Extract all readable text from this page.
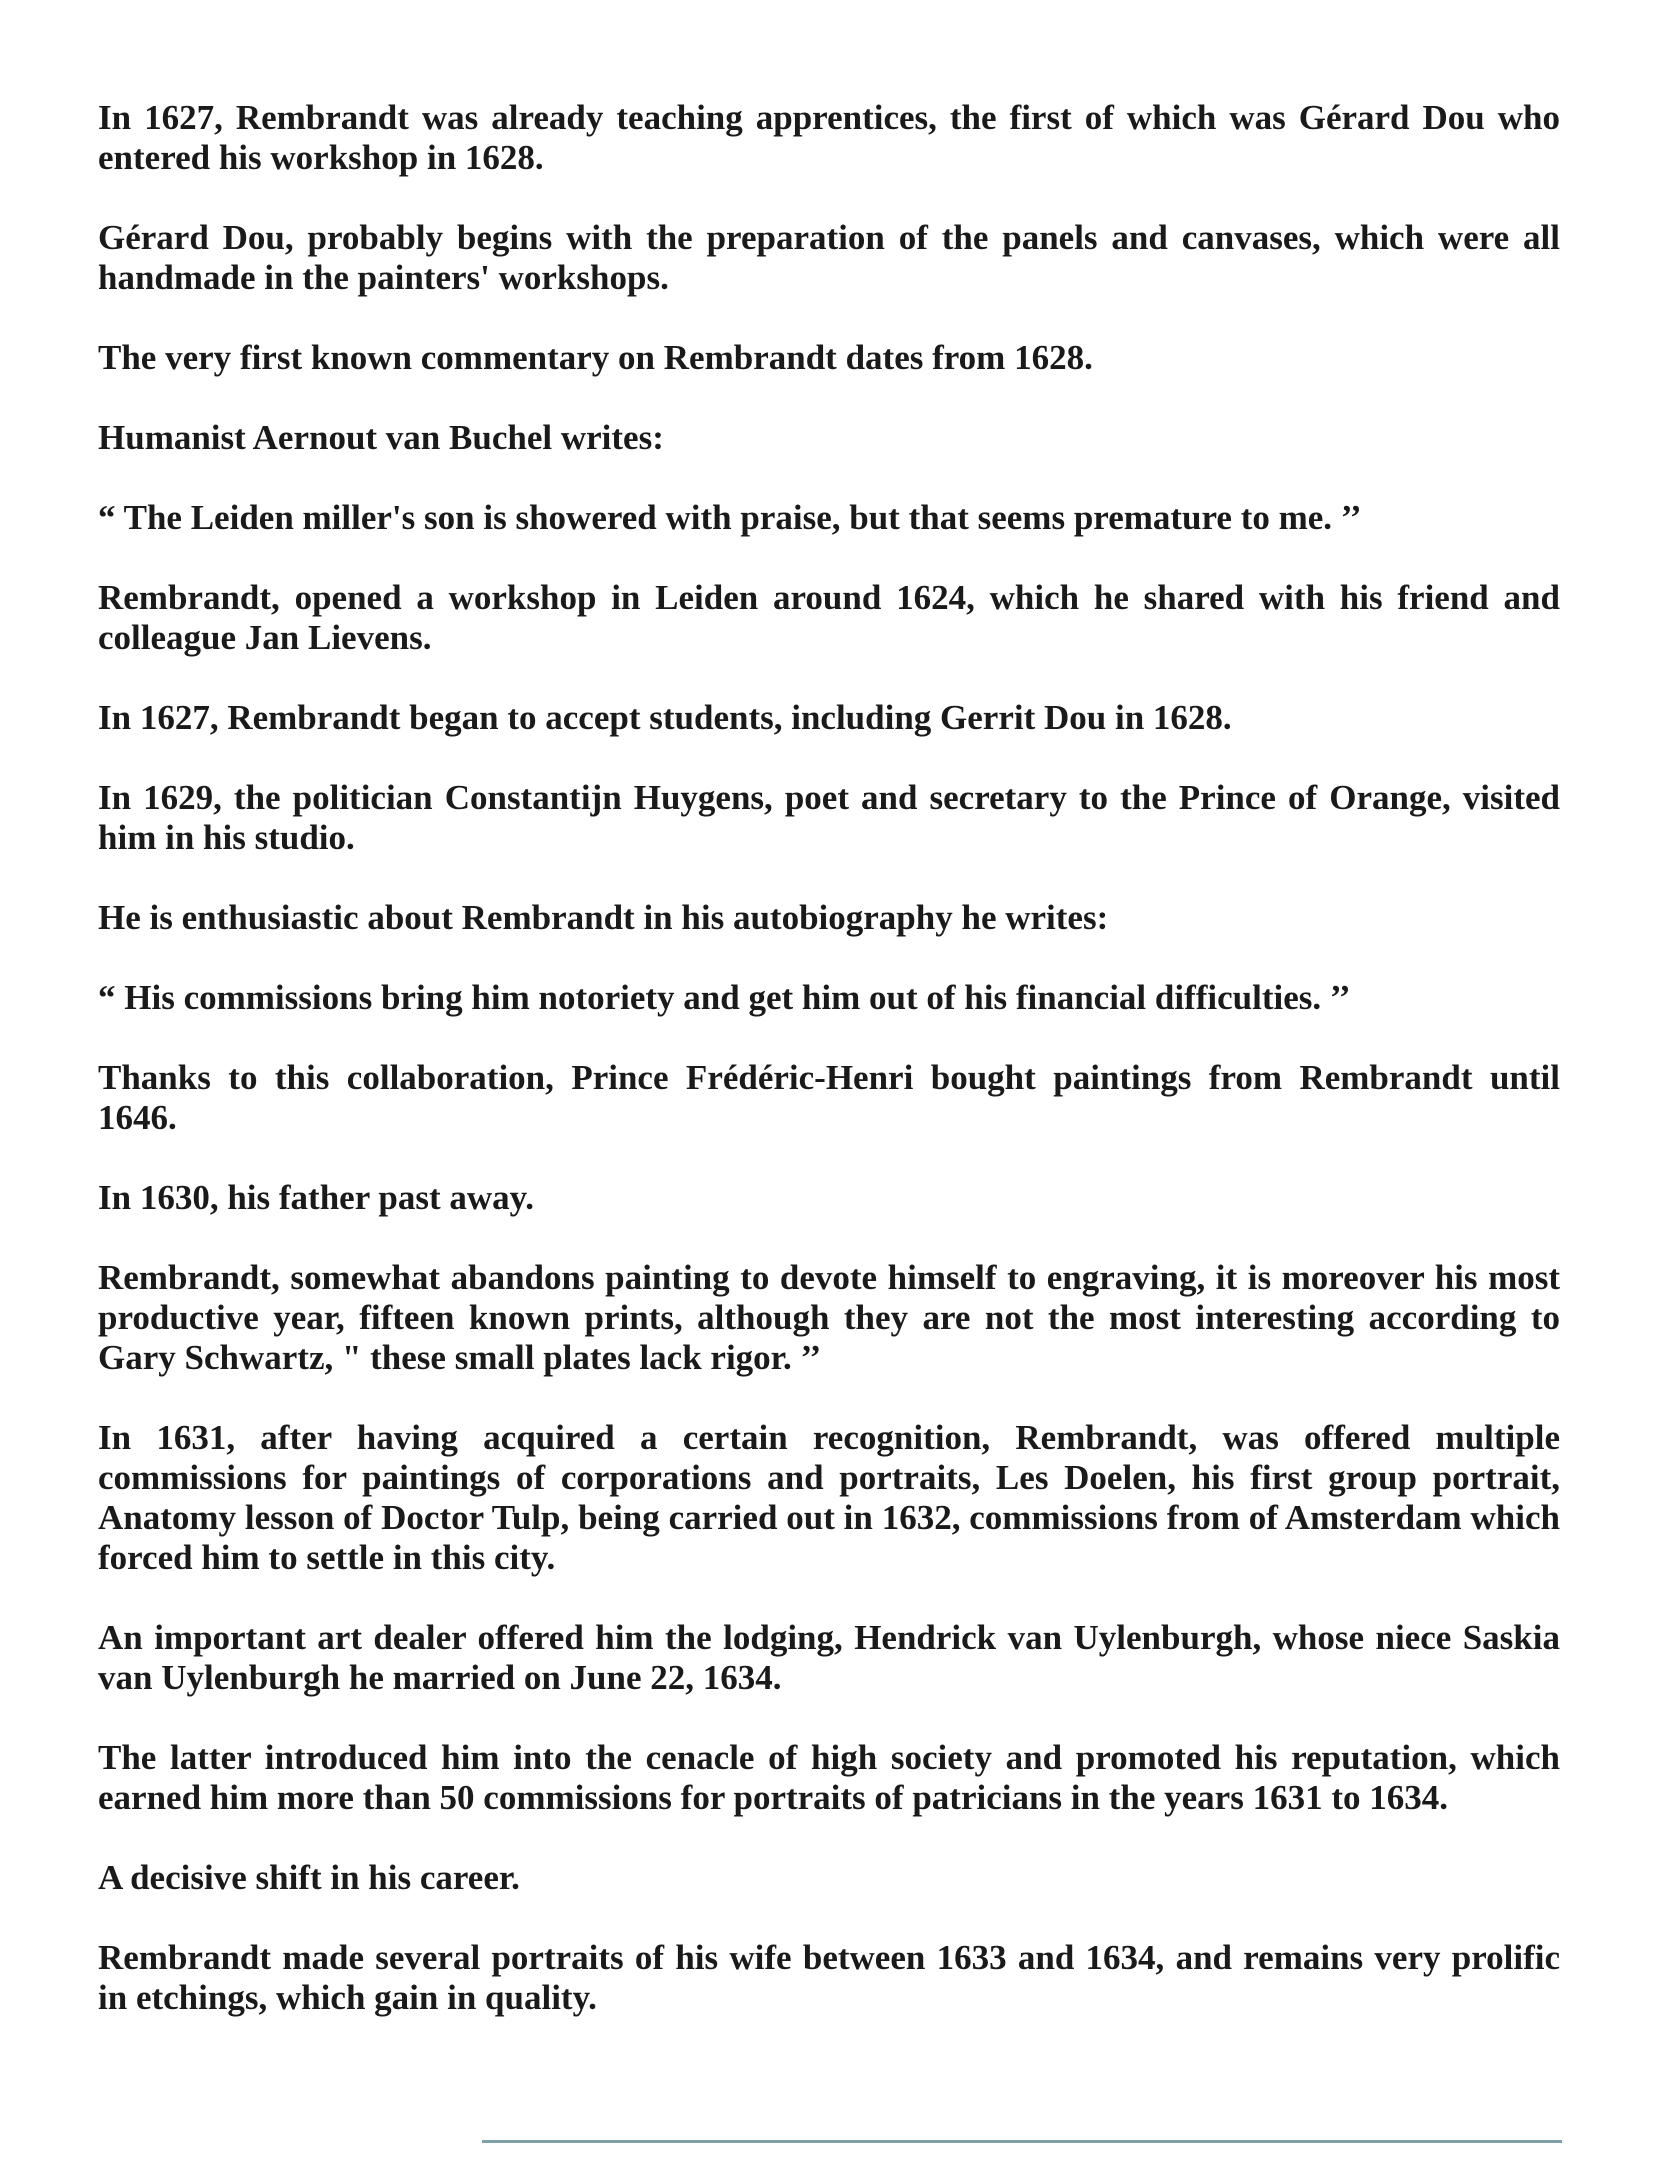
In 1627, Rembrandt was already teaching apprentices, the first of which was Gérard Dou who entered his workshop in 1628.

Gérard Dou, probably begins with the preparation of the panels and canvases, which were all handmade in the painters' workshops.

The very first known commentary on Rembrandt dates from 1628.

Humanist Aernout van Buchel writes:

“ The Leiden miller's son is showered with praise, but that seems premature to me. ’’

Rembrandt, opened a workshop in Leiden around 1624, which he shared with his friend and colleague Jan Lievens.

In 1627, Rembrandt began to accept students, including Gerrit Dou in 1628.

In 1629, the politician Constantijn Huygens, poet and secretary to the Prince of Orange, visited him in his studio.

He is enthusiastic about Rembrandt in his autobiography he writes:

“ His commissions bring him notoriety and get him out of his financial difficulties. ’’

Thanks to this collaboration, Prince Frédéric-Henri bought paintings from Rembrandt until 1646.

In 1630, his father past away.

Rembrandt, somewhat abandons painting to devote himself to engraving, it is moreover his most productive year, fifteen known prints, although they are not the most interesting according to Gary Schwartz, " these small plates lack rigor. ’’

In 1631, after having acquired a certain recognition, Rembrandt, was offered multiple commissions for paintings of corporations and portraits, Les Doelen, his first group portrait, Anatomy lesson of Doctor Tulp, being carried out in 1632, commissions from of Amsterdam which forced him to settle in this city.

An important art dealer offered him the lodging, Hendrick van Uylenburgh, whose niece Saskia van Uylenburgh he married on June 22, 1634.

The latter introduced him into the cenacle of high society and promoted his reputation, which earned him more than 50 commissions for portraits of patricians in the years 1631 to 1634.

A decisive shift in his career.

Rembrandt made several portraits of his wife between 1633 and 1634, and remains very prolific in etchings, which gain in quality.
